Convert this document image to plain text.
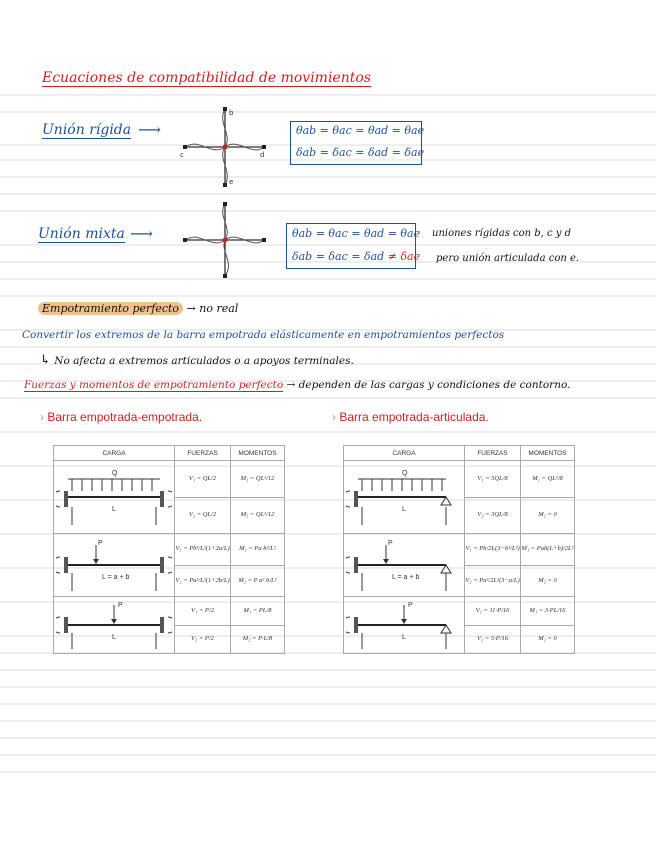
Ecuaciones de compatibilidad de movimientos
Unión rígida ⟶
b
c	d
e
θab = θac = θad = θae
δab = δac = δad = δae
Unión mixta ⟶	θab = θac = θad = θae
δab = δac = δad ≠ δae
uniones rígidas con b, c y d
pero unión articulada con e.
Empotramiento perfecto → no real
Convertir los extremos de la barra empotrada elásticamente en empotramientos perfectos
↳ No afecta a extremos articulados o a apoyos terminales.
Fuerzas y momentos de empotramiento perfecto → dependen de las cargas y condiciones de contorno.
› Barra empotrada-empotrada.	› Barra empotrada-articulada.
CARGA	FUERZAS	MOMENTOS

Q
L	V₁ = QL/2	M₁ = QL²/12
	V₂ = QL/2	M₂ = QL²/12

P
L = a + b	V₁ = Pb²/L²(1+2a/L)	M₁ = Pa b²/L²
	V₂ = Pa²/L²(1+2b/L)	M₂ = P a² b/L²

P
L	V₁ = P/2	M₁ = PL/8
	V₂ = P/2	M₂ = P·L/8
CARGA	FUERZAS	MOMENTOS

Q
L	V₁ = 5QL/8	M₁ = QL²/8
	V₂ = 3QL/8	M₂ = 0

P
L = a + b	V₁ = Pb/2L(3−b²/L²)	M₁ = Pab(L+b)/2L²
	V₂ = Pa²/2L²(3−a/L)	M₂ = 0

P
L	V₁ = 11·P/16	M₁ = 3·PL/16
	V₂ = 5·P/16	M₂ = 0
